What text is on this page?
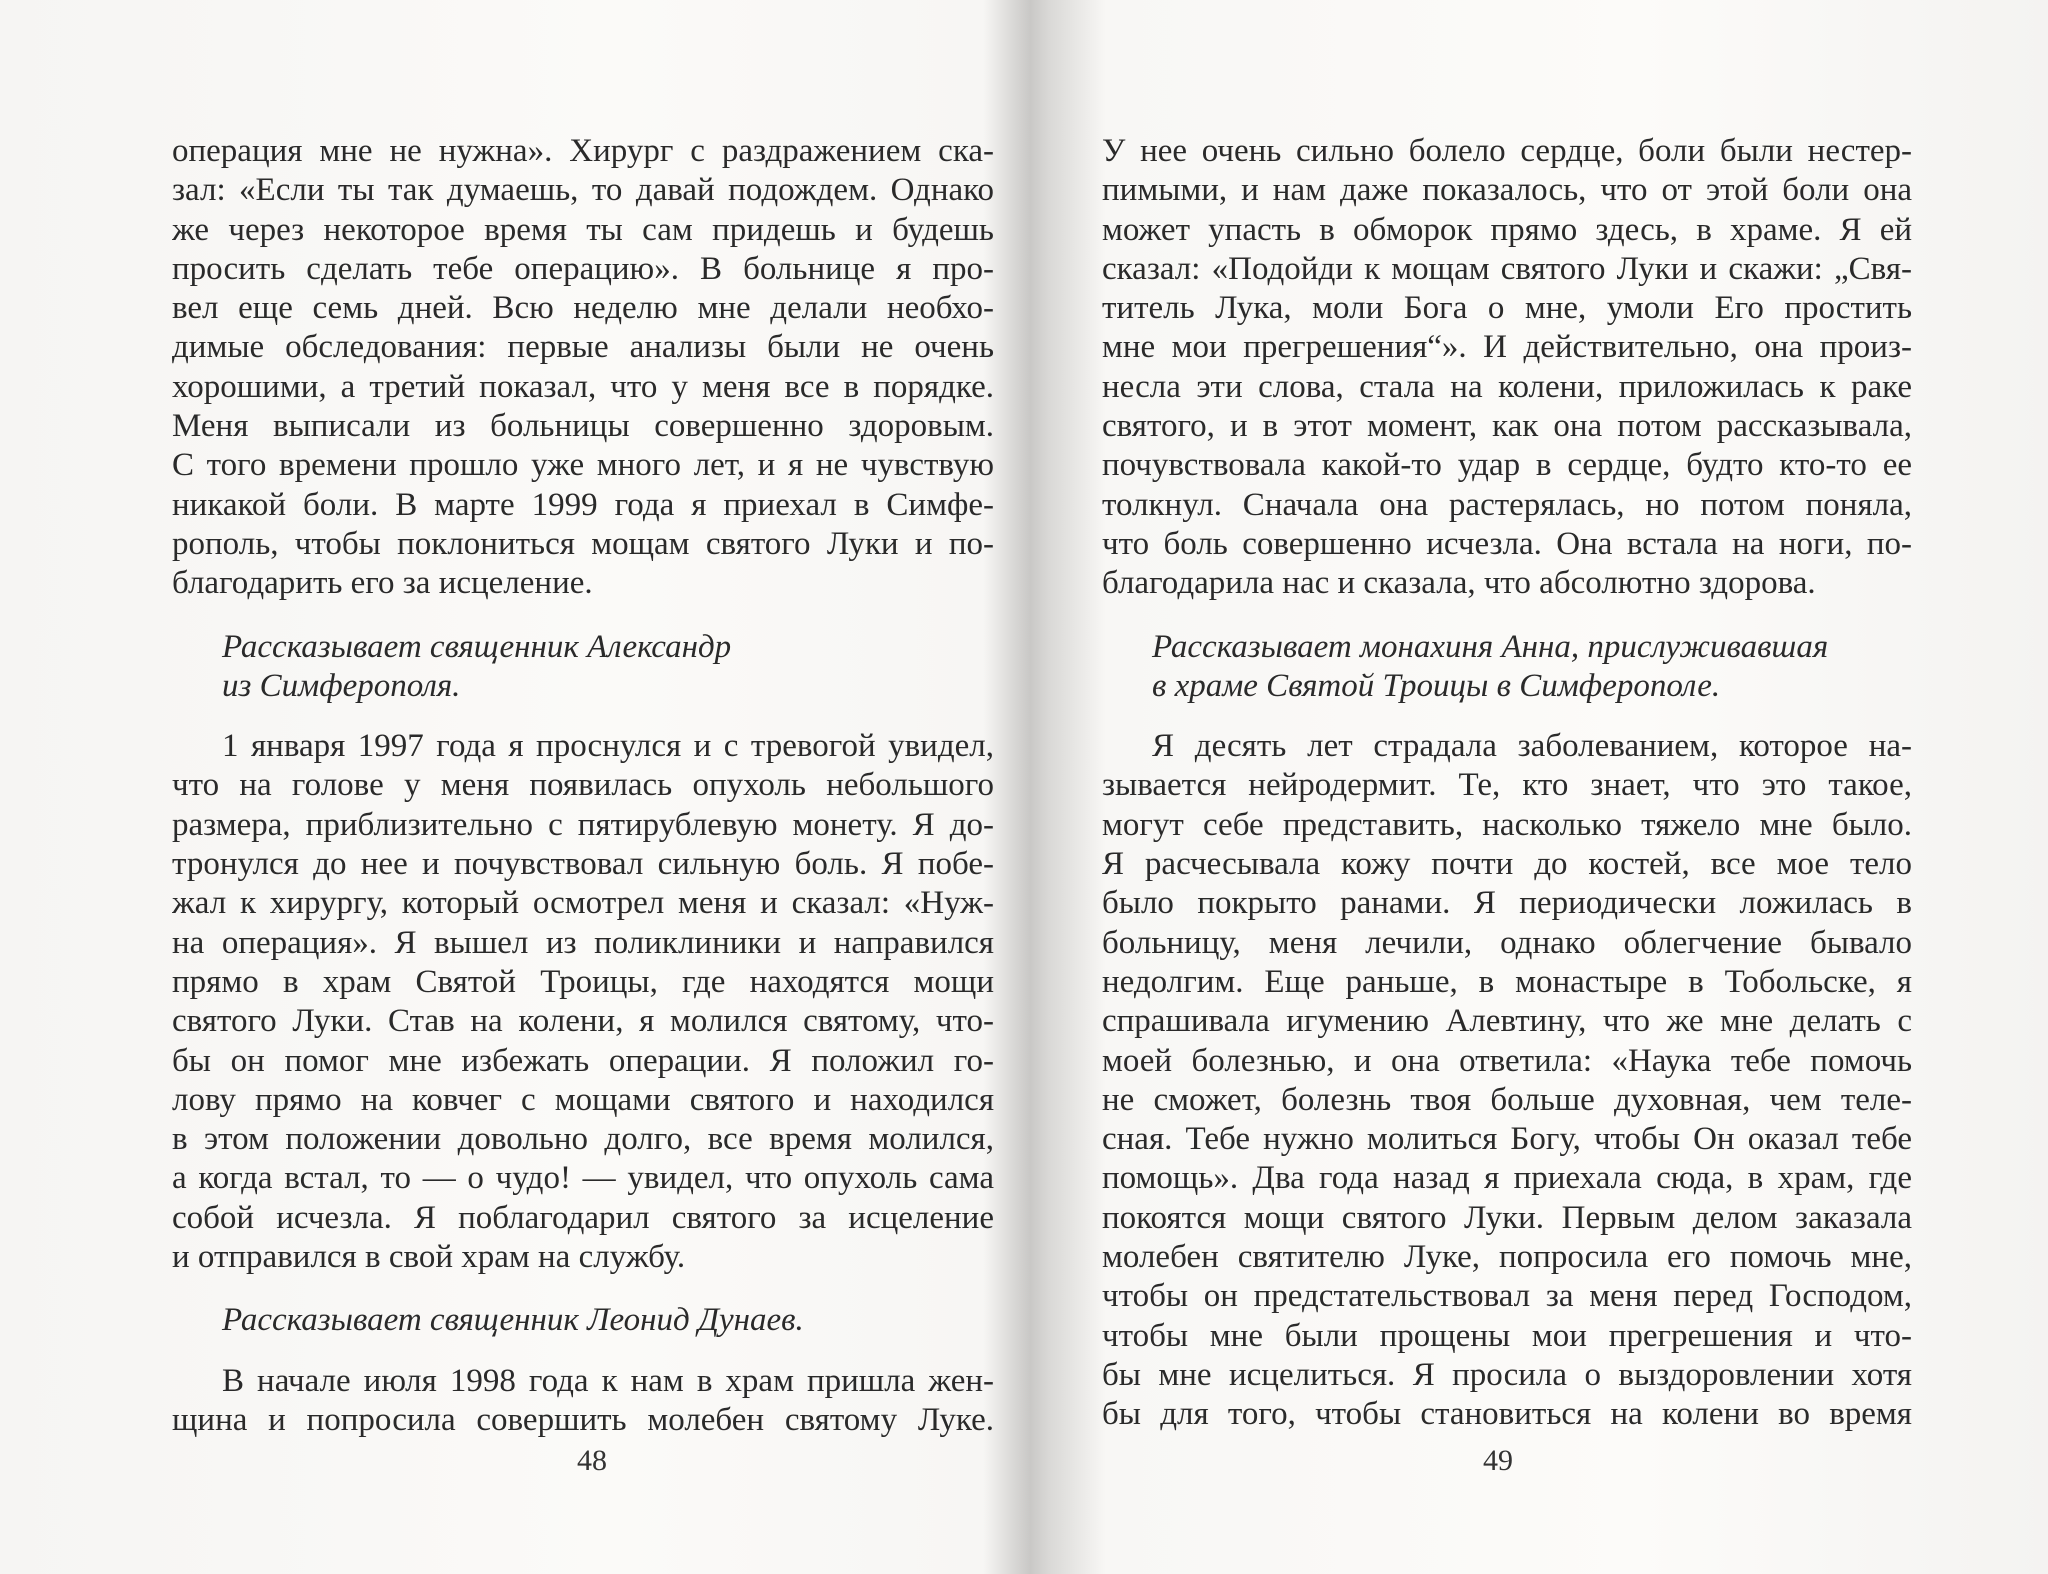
операция мне не нужна». Хирург с раздражением ска-
зал: «Если ты так думаешь, то давай подождем. Однако
же через некоторое время ты сам придешь и будешь
просить сделать тебе операцию». В больнице я про-
вел еще семь дней. Всю неделю мне делали необхо-
димые обследования: первые анализы были не очень
хорошими, а третий показал, что у меня все в порядке.
Меня выписали из больницы совершенно здоровым.
С того времени прошло уже много лет, и я не чувствую
никакой боли. В марте 1999 года я приехал в Симфе-
рополь, чтобы поклониться мощам святого Луки и по-
благодарить его за исцеление.
Рассказывает священник Александр
из Симферополя.
1 января 1997 года я проснулся и с тревогой увидел,
что на голове у меня появилась опухоль небольшого
размера, приблизительно с пятирублевую монету. Я до-
тронулся до нее и почувствовал сильную боль. Я побе-
жал к хирургу, который осмотрел меня и сказал: «Нуж-
на операция». Я вышел из поликлиники и направился
прямо в храм Святой Троицы, где находятся мощи
святого Луки. Став на колени, я молился святому, что-
бы он помог мне избежать операции. Я положил го-
лову прямо на ковчег с мощами святого и находился
в этом положении довольно долго, все время молился,
а когда встал, то — о чудо! — увидел, что опухоль сама
собой исчезла. Я поблагодарил святого за исцеление
и отправился в свой храм на службу.
Рассказывает священник Леонид Дунаев.
В начале июля 1998 года к нам в храм пришла жен-
щина и попросила совершить молебен святому Луке.
У нее очень сильно болело сердце, боли были нестер-
пимыми, и нам даже показалось, что от этой боли она
может упасть в обморок прямо здесь, в храме. Я ей
сказал: «Подойди к мощам святого Луки и скажи: „Свя-
титель Лука, моли Бога о мне, умоли Его простить
мне мои прегрешения“». И действительно, она произ-
несла эти слова, стала на колени, приложилась к раке
святого, и в этот момент, как она потом рассказывала,
почувствовала какой-то удар в сердце, будто кто-то ее
толкнул. Сначала она растерялась, но потом поняла,
что боль совершенно исчезла. Она встала на ноги, по-
благодарила нас и сказала, что абсолютно здорова.
Рассказывает монахиня Анна, прислуживавшая
в храме Святой Троицы в Симферополе.
Я десять лет страдала заболеванием, которое на-
зывается нейродермит. Те, кто знает, что это такое,
могут себе представить, насколько тяжело мне было.
Я расчесывала кожу почти до костей, все мое тело
было покрыто ранами. Я периодически ложилась в
больницу, меня лечили, однако облегчение бывало
недолгим. Еще раньше, в монастыре в Тобольске, я
спрашивала игумению Алевтину, что же мне делать с
моей болезнью, и она ответила: «Наука тебе помочь
не сможет, болезнь твоя больше духовная, чем теле-
сная. Тебе нужно молиться Богу, чтобы Он оказал тебе
помощь». Два года назад я приехала сюда, в храм, где
покоятся мощи святого Луки. Первым делом заказала
молебен святителю Луке, попросила его помочь мне,
чтобы он предстательствовал за меня перед Господом,
чтобы мне были прощены мои прегрешения и что-
бы мне исцелиться. Я просила о выздоровлении хотя
бы для того, чтобы становиться на колени во время
48	49
